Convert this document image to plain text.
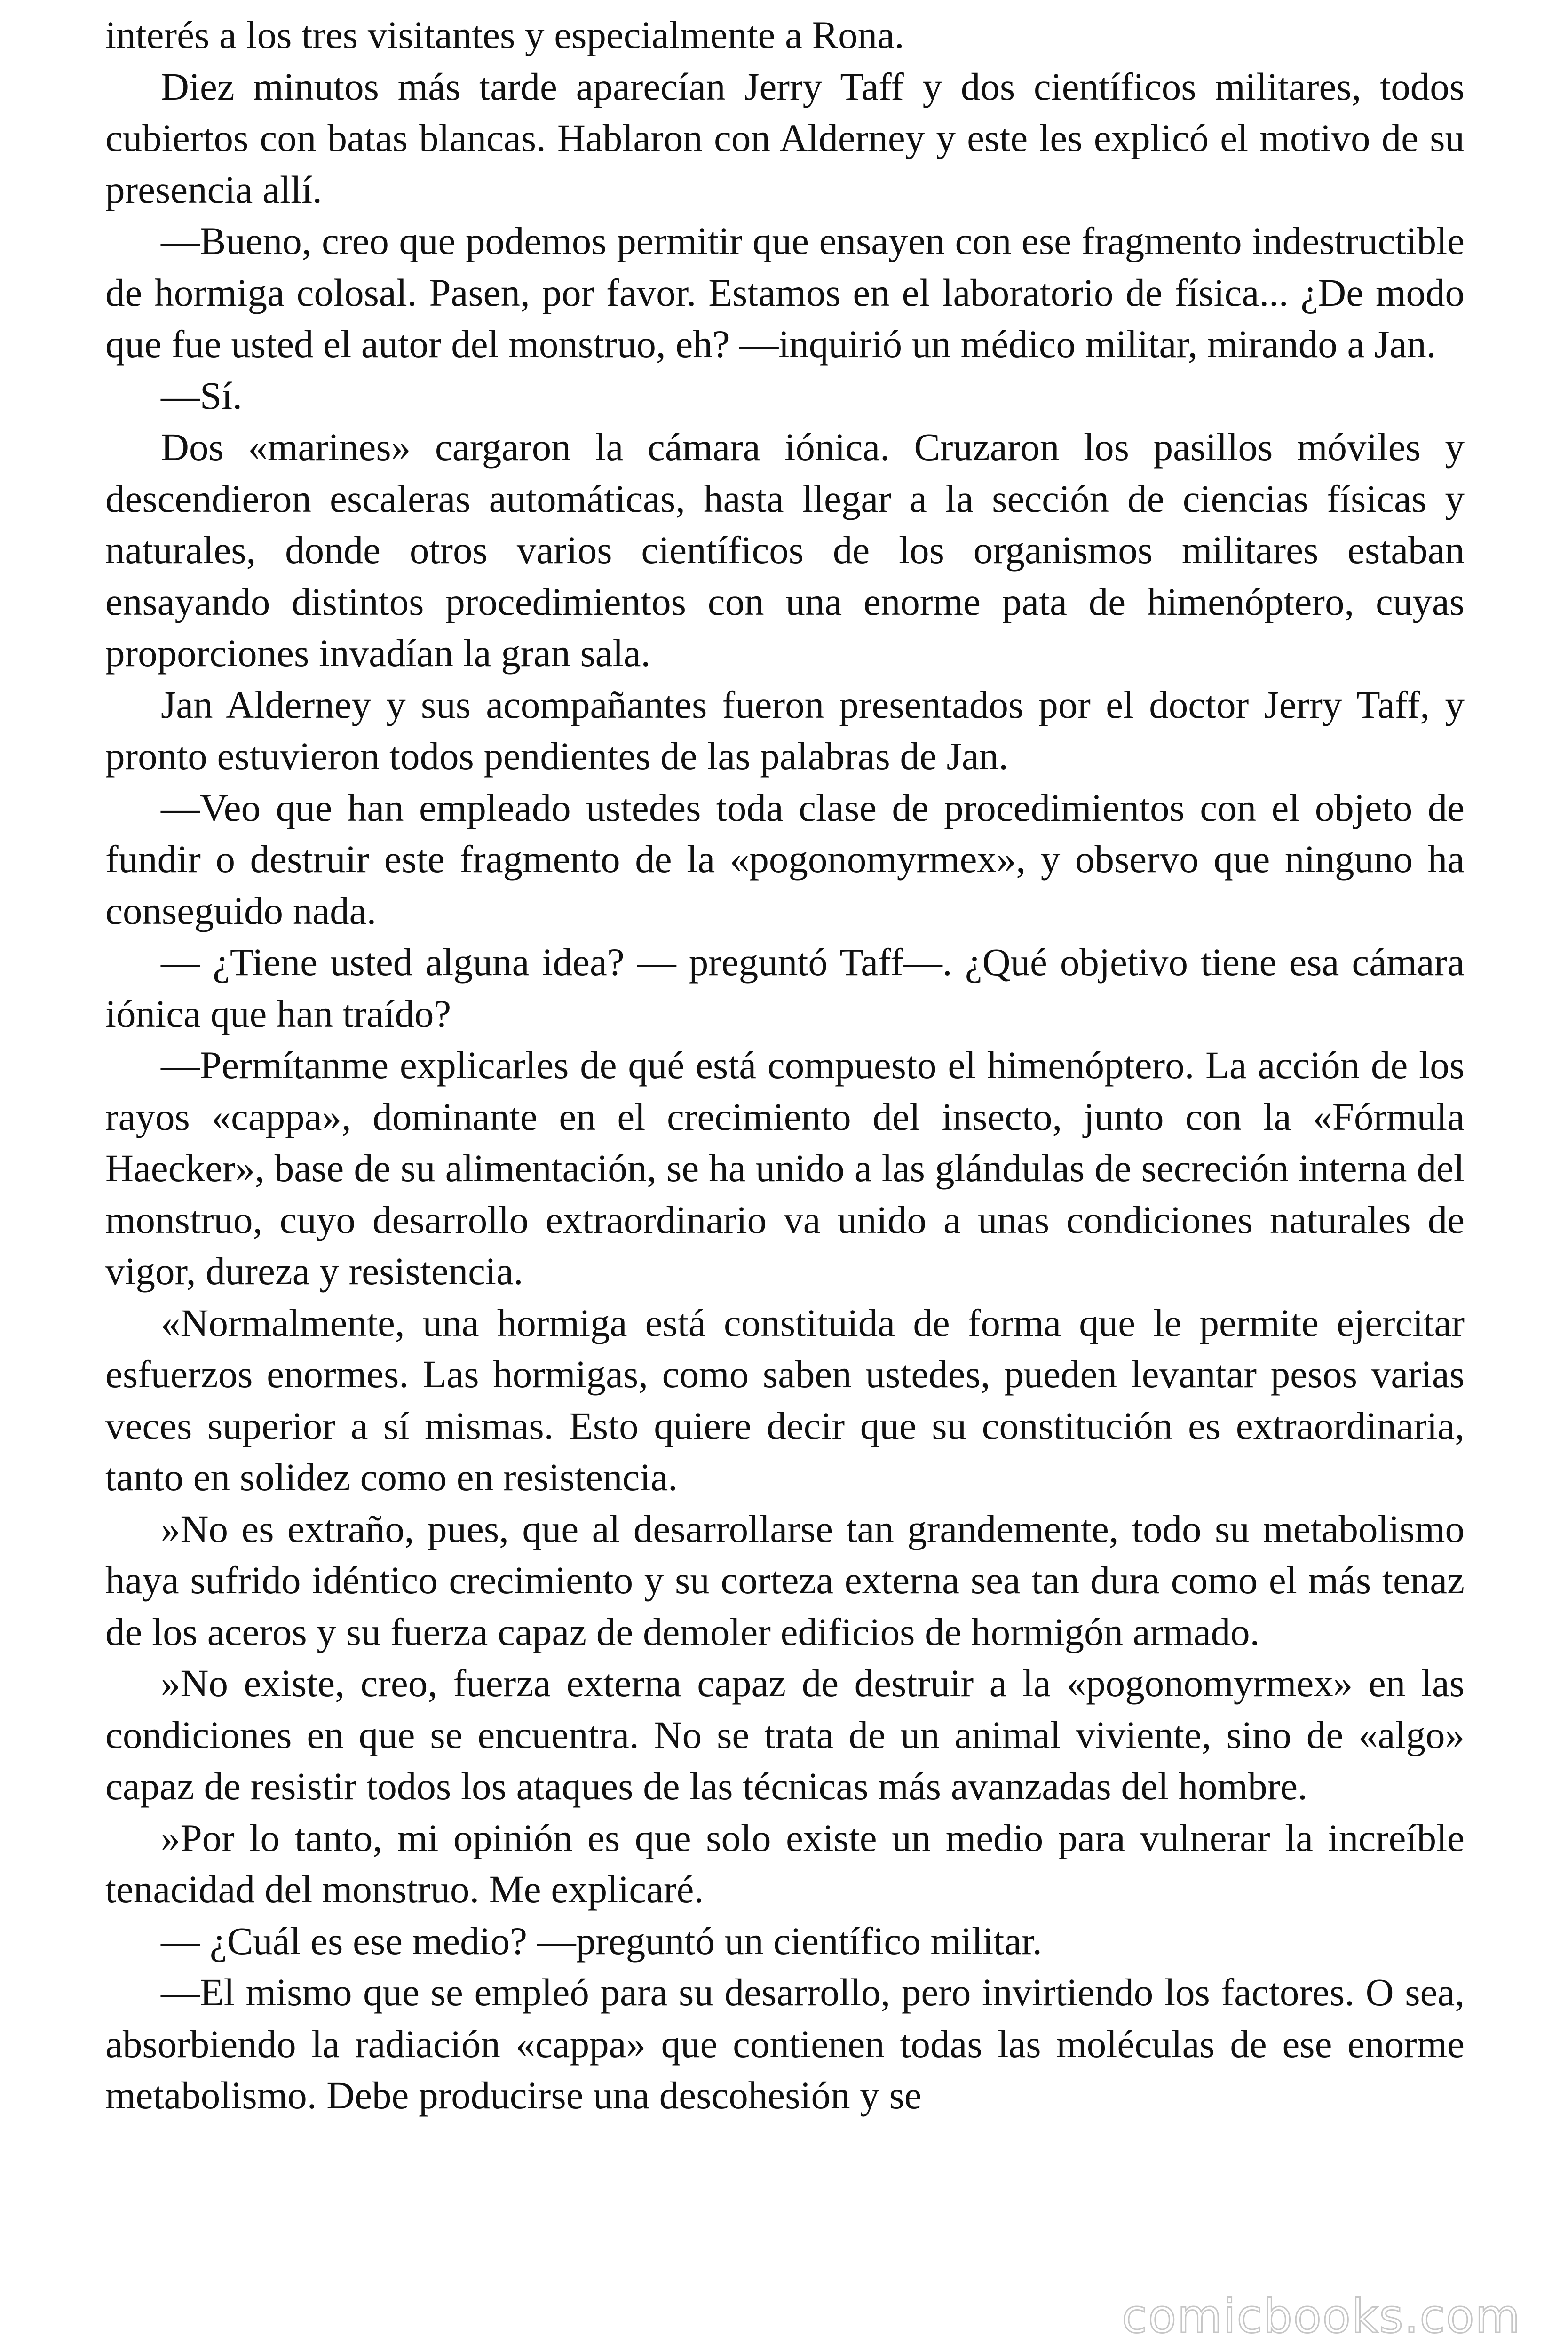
interés a los tres visitantes y especialmente a Rona.

Diez minutos más tarde aparecían Jerry Taff y dos científicos militares, todos cubiertos con batas blancas. Hablaron con Alderney y este les explicó el motivo de su presencia allí.

—Bueno, creo que podemos permitir que ensayen con ese fragmento indestructible de hormiga colosal. Pasen, por favor. Estamos en el laboratorio de física... ¿De modo que fue usted el autor del monstruo, eh? —inquirió un médico militar, mirando a Jan.

—Sí.

Dos «marines» cargaron la cámara iónica. Cruzaron los pasillos móviles y descendieron escaleras automáticas, hasta llegar a la sección de ciencias físicas y naturales, donde otros varios científicos de los organismos militares estaban ensayando distintos procedimientos con una enorme pata de himenóptero, cuyas proporciones invadían la gran sala.

Jan Alderney y sus acompañantes fueron presentados por el doctor Jerry Taff, y pronto estuvieron todos pendientes de las palabras de Jan.

—Veo que han empleado ustedes toda clase de procedimientos con el objeto de fundir o destruir este fragmento de la «pogonomyrmex», y observo que ninguno ha conseguido nada.

— ¿Tiene usted alguna idea? — preguntó Taff—. ¿Qué objetivo tiene esa cámara iónica que han traído?

—Permítanme explicarles de qué está compuesto el himenóptero. La acción de los rayos «cappa», dominante en el crecimiento del insecto, junto con la «Fórmula Haecker», base de su alimentación, se ha unido a las glándulas de secreción interna del monstruo, cuyo desarrollo extraordinario va unido a unas condiciones naturales de vigor, dureza y resistencia.

«Normalmente, una hormiga está constituida de forma que le permite ejercitar esfuerzos enormes. Las hormigas, como saben ustedes, pueden levantar pesos varias veces superior a sí mismas. Esto quiere decir que su constitución es extraordinaria, tanto en solidez como en resistencia.

»No es extraño, pues, que al desarrollarse tan grandemente, todo su metabolismo haya sufrido idéntico crecimiento y su corteza externa sea tan dura como el más tenaz de los aceros y su fuerza capaz de demoler edificios de hormigón armado.

»No existe, creo, fuerza externa capaz de destruir a la «pogonomyrmex» en las condiciones en que se encuentra. No se trata de un animal viviente, sino de «algo» capaz de resistir todos los ataques de las técnicas más avanzadas del hombre.

»Por lo tanto, mi opinión es que solo existe un medio para vulnerar la increíble tenacidad del monstruo. Me explicaré.

— ¿Cuál es ese medio? —preguntó un científico militar.

—El mismo que se empleó para su desarrollo, pero invirtiendo los factores. O sea, absorbiendo la radiación «cappa» que contienen todas las moléculas de ese enorme metabolismo. Debe producirse una descohesión y se

comicbooks.com
